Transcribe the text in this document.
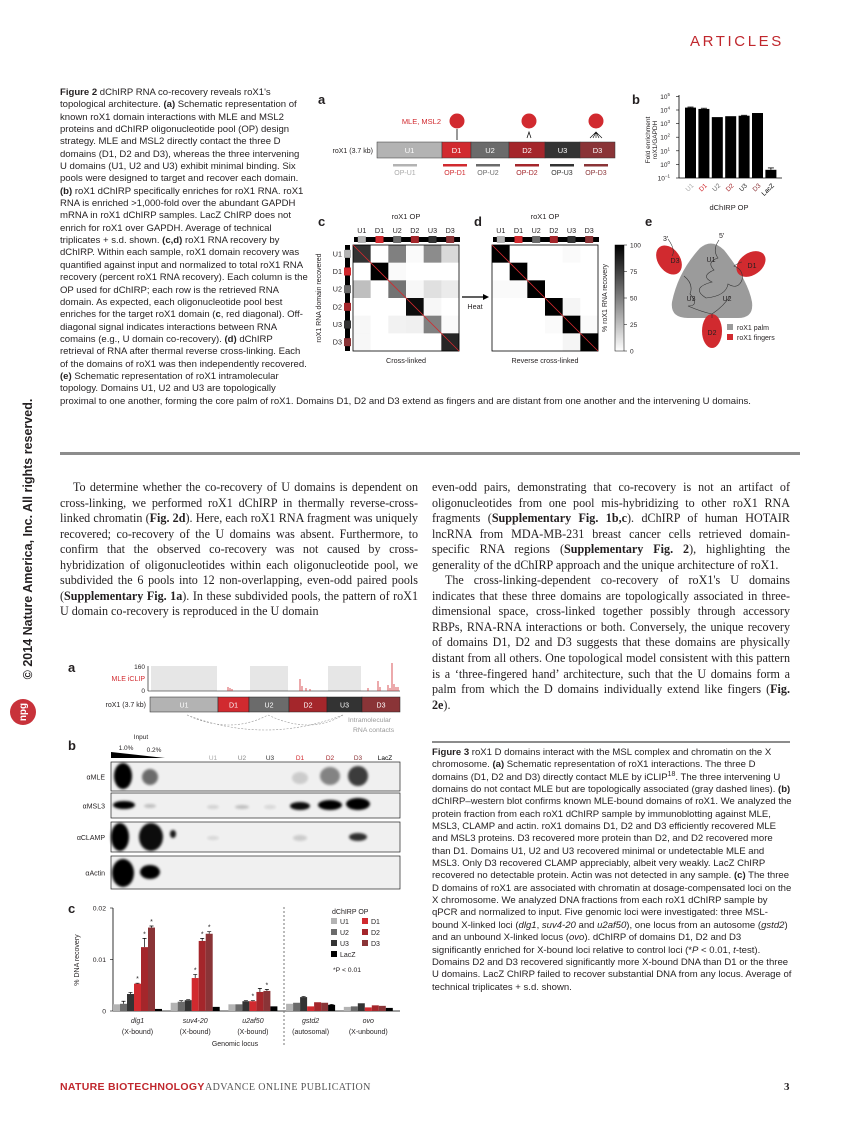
ARTICLES
© 2014 Nature America, Inc. All rights reserved.
npg
Figure 2 dChIRP RNA co-recovery reveals roX1's topological architecture. (a) Schematic representation of known roX1 domain interactions with MLE and MSL2 proteins and dChIRP oligonucleotide pool (OP) design strategy. MLE and MSL2 directly contact the three D domains (D1, D2 and D3), whereas the three intervening U domains (U1, U2 and U3) exhibit minimal binding. Six pools were designed to target and recover each domain. (b) roX1 dChIRP specifically enriches for roX1 RNA. roX1 RNA is enriched >1,000-fold over the abundant GAPDH mRNA in roX1 dChIRP samples. LacZ ChIRP does not enrich for roX1 over GAPDH. Average of technical triplicates + s.d. shown. (c,d) roX1 RNA recovery by dChIRP. Within each sample, roX1 domain recovery was quantified against input and normalized to total roX1 RNA recovery (percent roX1 RNA recovery). Each column is the OP used for dChIRP; each row is the retrieved RNA domain. As expected, each oligonucleotide pool best enriches for the target roX1 domain (c, red diagonal). Off-diagonal signal indicates interactions between RNA comains (e.g., U domain co-recovery). (d) dChIRP retrieval of RNA after thermal reverse cross-linking. Each of the domains of roX1 was then independently recovered. (e) Schematic representation of roX1 intramolecular topology. Domains U1, U2 and U3 are topologically proximal to one another, forming the core palm of roX1. Domains D1, D2 and D3 extend as fingers and are distant from one another and the intervening U domains.
a	b
c	d	e
MLE, MSL2
roX1 (3.7 kb)	U1
OP-U1
D1
OP-D1
U2
OP-U2
D2
OP-D2
U3
OP-U3
D3
OP-D3
$10^5$
$10^4$
$10^3$
$10^2$
$10^1$
$10^0$
$10^{-1}$
Fold enrichment roX1/GAPDH
U1 D1 U2 D2 U3 D3
LacZ
dChIRP OP
roX1 OP
U1 D1 U2 D2 U3 D3
U1
D1
U2
D2
U3
D3
roX1 OP
U1 D1 U2 D2 U3 D3
roX1 RNA domain recovered
Cross-linked	Reverse cross-linked
Heat
100
75
50
25
0
% roX1 RNA recovery
D3	U1
D1
U3	U2
D2
3′	5′
roX1 palm
roX1 fingers

To determine whether the co-recovery of U domains is dependent on cross-linking, we performed roX1 dChIRP in thermally reverse-cross-linked chromatin (Fig. 2d). Here, each roX1 RNA fragment was uniquely recovered; co-recovery of the U domains was absent. Furthermore, to confirm that the observed co-recovery was not caused by cross-hybridization of oligonucleotides within each oligonucleotide pool, we subdivided the 6 pools into 12 non-overlapping, even-odd paired pools (Supplementary Fig. 1a). In these subdivided pools, the pattern of roX1 U domain co-recovery is reproduced in the U domain

even-odd pairs, demonstrating that co-recovery is not an artifact of oligonucleotides from one pool mis-hybridizing to other roX1 RNA fragments (Supplementary Fig. 1b,c). dChIRP of human HOTAIR lncRNA from MDA-MB-231 breast cancer cells retrieved domain-specific RNA regions (Supplementary Fig. 2), highlighting the generality of the dChIRP approach and the unique architecture of roX1.

The cross-linking-dependent co-recovery of roX1's U domains indicates that these three domains are topologically associated in three-dimensional space, cross-linked together possibly through accessory RBPs, RNA-RNA interactions or both. Conversely, the unique recovery of domains D1, D2 and D3 suggests that these domains are physically distant from all others. One topological model consistent with this pattern is a ‘three-fingered hand’ architecture, such that the U domains form a palm from which the D domains individually extend like fingers (Fig. 2e).

a
b
c
160
0
MLE iCLIP
roX1 (3.7 kb)	U1	D1	U2	D2	U3	D3
Intramolecular
RNA contacts
Input
1.0% 0.2%
U1	U2	U3	D1	D2	D3 LacZ
αMLE
αMSL3
αCLAMP
αActin
0.02
0.01
0
% DNA recovery	*
*
*
dlg1
(X-bound)
*
*
*
suv4-20
(X-bound)
*
*
u2af50
(X-bound)
gstd2
(autosomal)
ovo
(X-unbound)
Genomic locus
dChIRP OP
U1
U2
U3
D1
D2
D3
LacZ
*P < 0.01
Figure 3 roX1 D domains interact with the MSL complex and chromatin on the X chromosome. (a) Schematic representation of roX1 interactions. The three D domains (D1, D2 and D3) directly contact MLE by iCLIP$^{18}$. The three intervening U domains do not contact MLE but are topologically associated (gray dashed lines). (b) dChIRP–western blot confirms known MLE-bound domains of roX1. We analyzed the protein fraction from each roX1 dChIRP sample by immunoblotting against MLE, MSL3, CLAMP and actin. roX1 domains D1, D2 and D3 efficiently recovered MLE and MSL3 proteins. D3 recovered more protein than D2, and D2 recovered more than D1. Domains U1, U2 and U3 recovered minimal or undetectable MLE and MSL3. Only D3 recovered CLAMP appreciably, albeit very weakly. LacZ ChIRP recovered no detectable protein. Actin was not detected in any sample. (c) The three D domains of roX1 are associated with chromatin at dosage-compensated loci on the X chromosome. We analyzed DNA fractions from each roX1 dChIRP sample by qPCR and normalized to input. Five genomic loci were investigated: three MSL-bound X-linked loci (dlg1, suv4-20 and u2af50), one locus from an autosome (gstd2) and an unbound X-linked locus (ovo). dChIRP of domains D1, D2 and D3 significantly enriched for X-bound loci relative to control loci (*P < 0.01, t-test). Domains D2 and D3 recovered significantly more X-bound DNA than D1 or the three U domains. LacZ ChIRP failed to recover substantial DNA from any locus. Average of technical triplicates + s.d. shown.
NATURE BIOTECHNOLOGY ADVANCE ONLINE PUBLICATION	3
